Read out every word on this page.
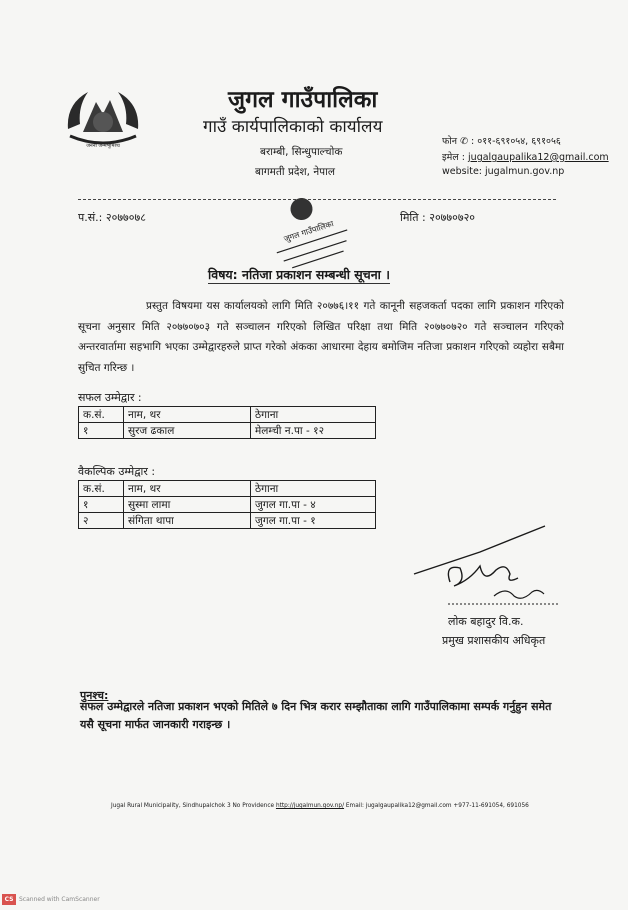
जननी जन्मभूमिश्च
जुगल गाउँपालिका
गाउँ कार्यपालिकाको कार्यालय
बराम्बी, सिन्धुपाल्चोक
बागमती प्रदेश, नेपाल
फोन ✆ : ०११-६९१०५४, ६९१०५६
इमेल : jugalgaupalika12@gmail.com
website: jugalmun.gov.np
प.सं.: २०७७०७८	मिति : २०७७०७२०
जुगल गाउँपालिका
विषय: नतिजा प्रकाशन सम्बन्धी सूचना ।
प्रस्तुत विषयमा यस कार्यालयको लागि मिति २०७७६।११ गते कानूनी सहजकर्ता पदका लागि प्रकाशन गरिएको सूचना अनुसार मिति २०७७०७०३ गते सञ्चालन गरिएको लिखित परिक्षा तथा मिति २०७७०७२० गते सञ्चालन गरिएको अन्तरवार्तामा सहभागि भएका उम्मेद्वारहरुले प्राप्त गरेको अंकका आधारमा देहाय बमोजिम नतिजा प्रकाशन गरिएको व्यहोरा सबैमा सुचित गरिन्छ ।
सफल उम्मेद्वार :
क.सं.	नाम, थर	ठेगाना
१	सुरज ढकाल	मेलम्ची न.पा - १२
वैकल्पिक उम्मेद्वार :
क.सं.	नाम, थर	ठेगाना
१	सुस्मा लामा	जुगल गा.पा - ४
२	संगिता थापा	जुगल गा.पा - १
लोक बहादुर वि.क.
प्रमुख प्रशासकीय अधिकृत
पुनश्च:
सफल उम्मेद्वारले नतिजा प्रकाशन भएको मितिले ७ दिन भित्र करार सम्झौताका लागि गाउँपालिकामा सम्पर्क गर्नुहुन समेत यसै सूचना मार्फत जानकारी गराइन्छ ।
Jugal Rural Municipality, Sindhupalchok 3 No Providence http://jugalmun.gov.np/ Email: jugalgaupalika12@gmail.com +977-11-691054, 691056
CS Scanned with CamScanner
